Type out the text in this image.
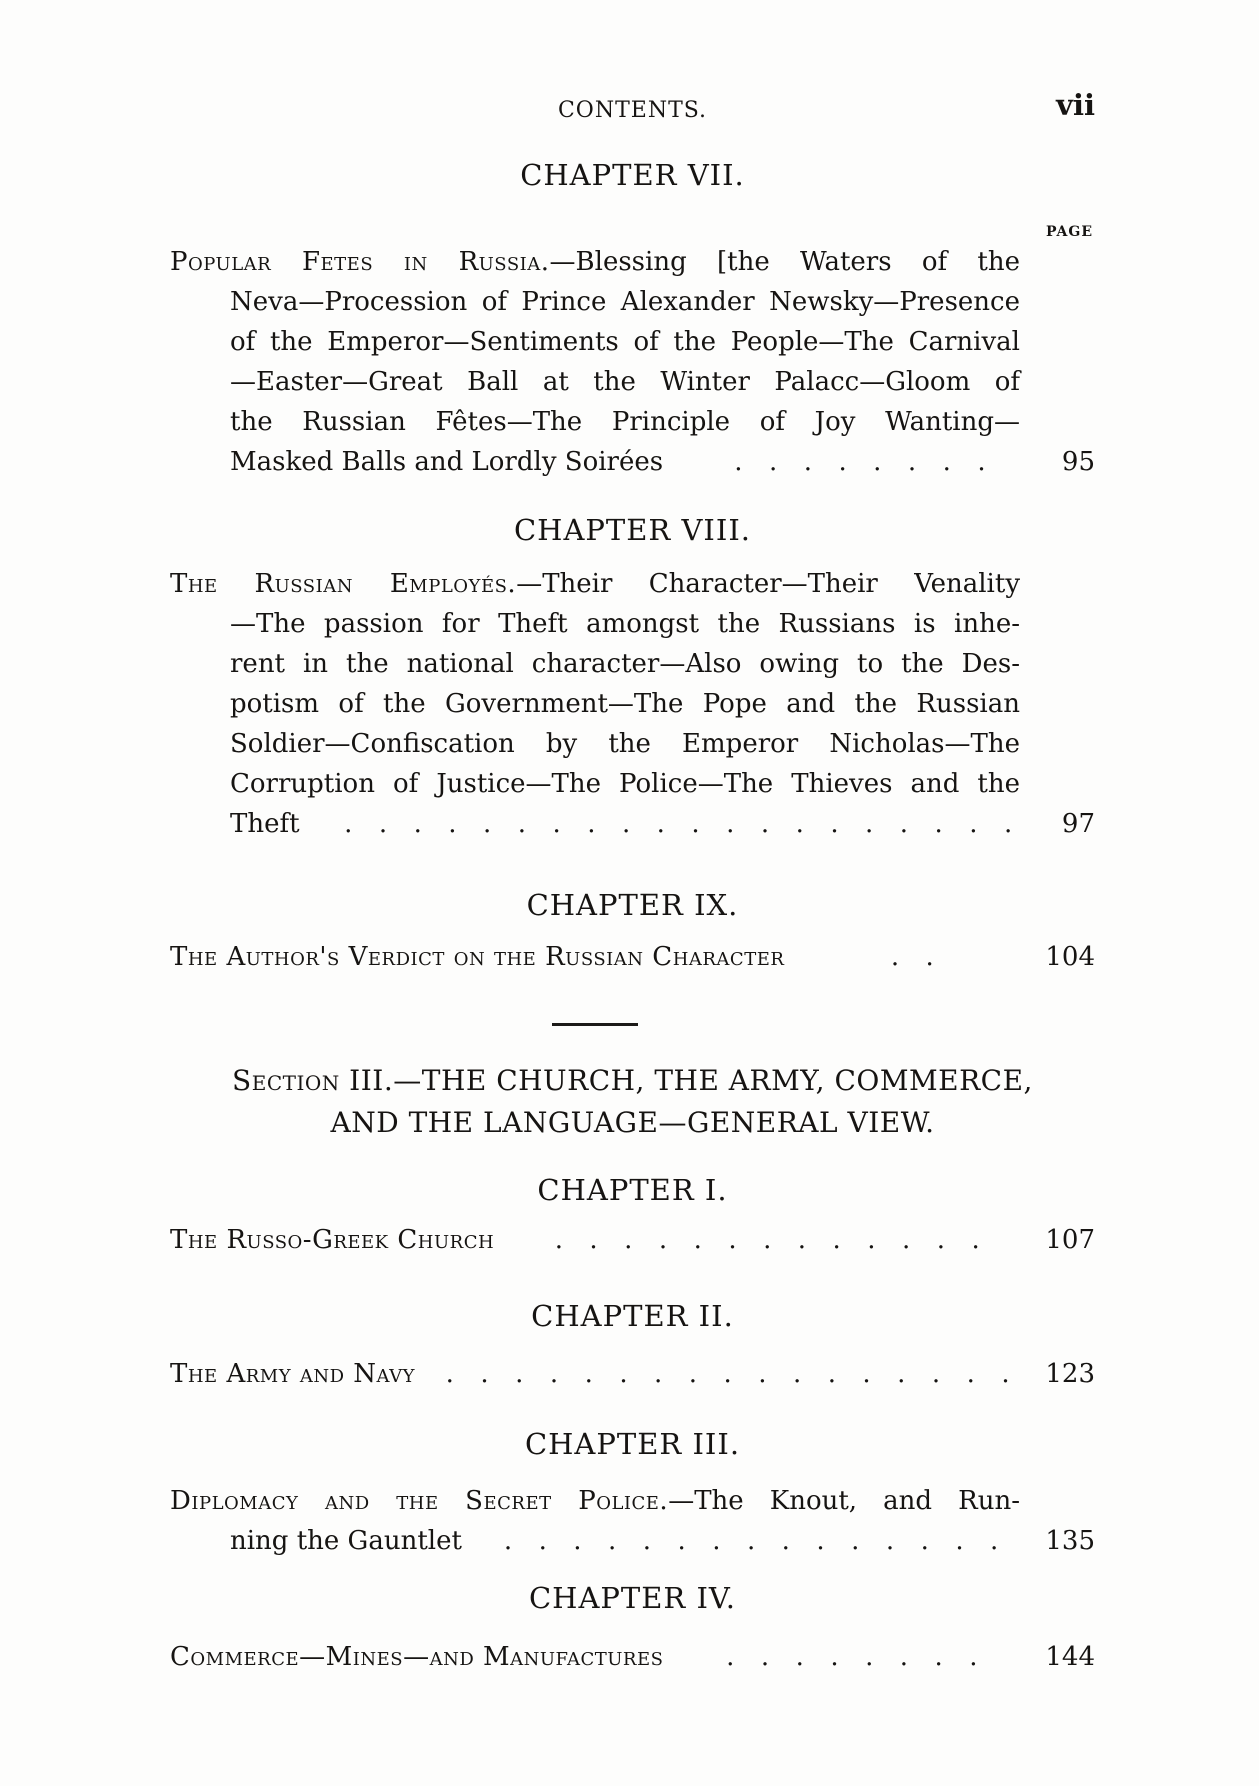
CONTENTS.	vii
PAGE
CHAPTER VII.
Popular Fetes in Russia.—Blessing [the Waters of the
Neva—Procession of Prince Alexander Newsky—Presence
of the Emperor—Sentiments of the People—The Carnival
—Easter—Great Ball at the Winter Palacc—Gloom of
the Russian Fêtes—The Principle of Joy Wanting—
Masked Balls and Lordly Soirées	. . . . . . . .	95
CHAPTER VIII.
The Russian Employés.—Their Character—Their Venality
—The passion for Theft amongst the Russians is inhe-
rent in the national character—Also owing to the Des-
potism of the Government—The Pope and the Russian
Soldier—Confiscation by the Emperor Nicholas—The
Corruption of Justice—The Police—The Thieves and the
Theft	. . . . . . . . . . . . . . . . . . . .	97
CHAPTER IX.
The Author's Verdict on the Russian Character	. .	104
Section III.—THE CHURCH, THE ARMY, COMMERCE,
AND THE LANGUAGE—GENERAL VIEW.
CHAPTER I.
The Russo-Greek Church	. . . . . . . . . . . . .	107
CHAPTER II.
The Army and Navy	. . . . . . . . . . . . . . . . .	123
CHAPTER III.
Diplomacy and the Secret Police.—The Knout, and Run-
ning the Gauntlet	. . . . . . . . . . . . . . .	135
CHAPTER IV.
Commerce—Mines—and Manufactures	. . . . . . . .	144
